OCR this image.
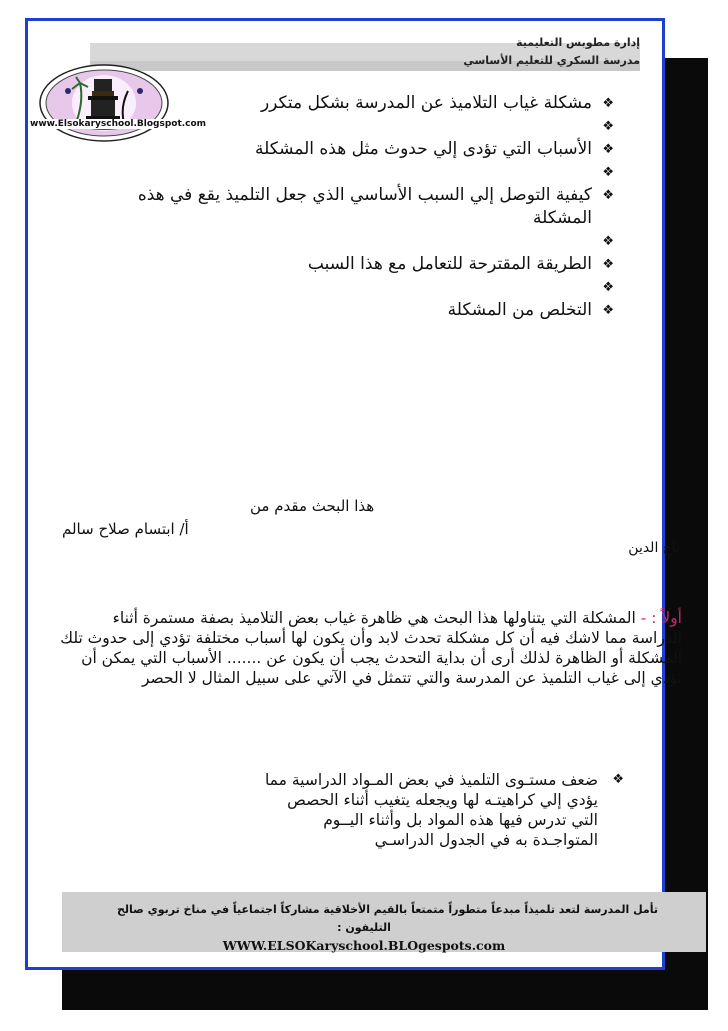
إدارة مطوبس التعليمية
مدرسة السكري للتعليم الأساسي
www.Elsokaryschool.Blogspot.com
❖
مشكلة غياب التلاميذ عن المدرسة بشكل متكرر
❖

❖
الأسباب التي تؤدى إلي حدوث مثل هذه المشكلة
❖

❖
كيفية التوصل إلي السبب الأساسي الذي جعل التلميذ يقع في هذه المشكلة
❖

❖
الطريقة المقترحة للتعامل مع هذا السبب
❖

❖
التخلص من المشكلة
هذا البحث مقدم من
أ/ ابتسام صلاح سالم
تاج الدين

أولاً : - المشكلة التي يتناولها هذا البحث هي ظاهرة غياب بعض التلاميذ بصفة مستمرة أثناء الدراسة مما لاشك فيه أن كل مشكلة تحدث لابد وأن يكون لها أسباب مختلفة تؤدي إلى حدوث تلك المشكلة أو الظاهرة لذلك أرى أن بداية التحدث يجب أن يكون عن ....... الأسباب التي يمكن أن تؤدي إلى غياب التلميذ عن المدرسة والتي تتمثل في الآتي على سبيل المثال لا الحصر

❖
ضعف مستـوى التلميذ في بعض المـواد الدراسية مما يؤدي إلي كراهيتـه لها ويجعله يتغيب أثناء الحصص التي تدرس فيها هذه المواد بل وأثناء اليــوم المتواجـدة به في الجدول الدراسـي
تأمل المدرسة لتعد تلميذاً مبدعاً متطوراً متمتعاً بالقيم الأخلاقية مشاركاً اجتماعياً في مناخ تربوي صالح
التليفون :
WWW.ELSOKaryschool.BLOgespots.com
